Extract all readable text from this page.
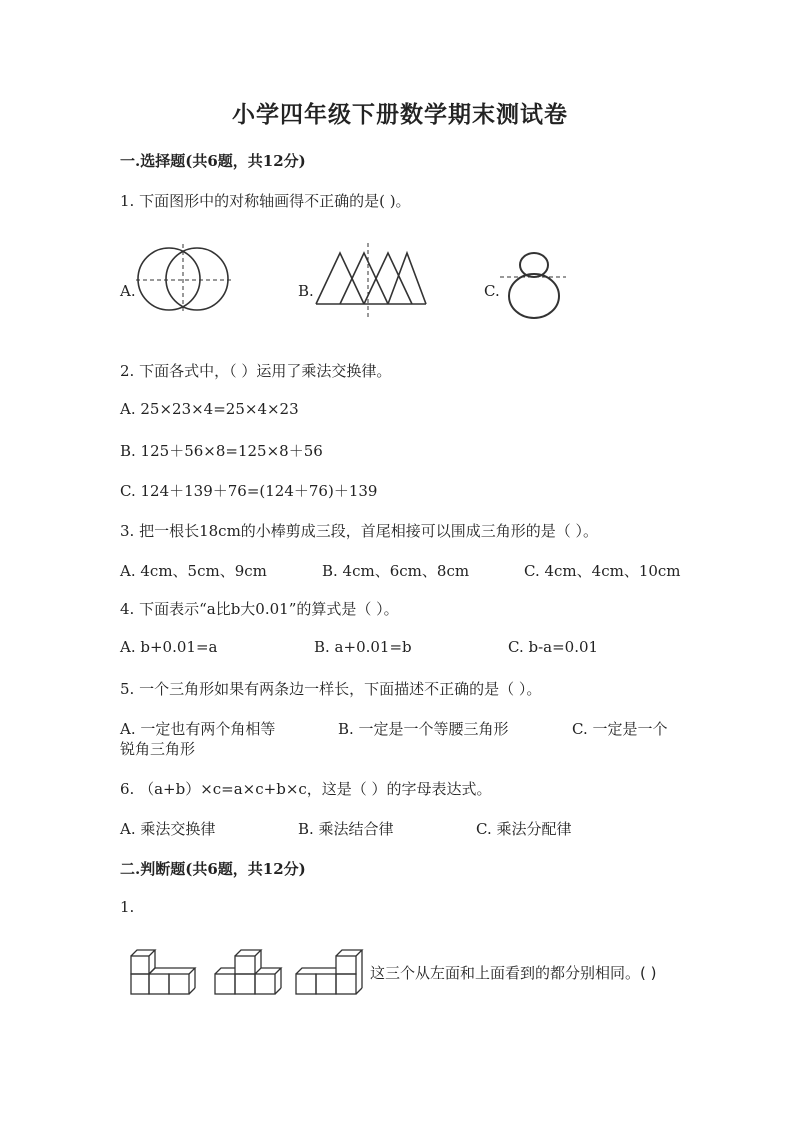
小学四年级下册数学期末测试卷
一.选择题(共6题，共12分)
1. 下面图形中的对称轴画得不正确的是( )。
A.	B.	C.
2. 下面各式中，（ ）运用了乘法交换律。
A. 25×23×4=25×4×23
B. 125＋56×8=125×8＋56
C. 124＋139＋76=(124＋76)＋139
3. 把一根长18cm的小棒剪成三段，首尾相接可以围成三角形的是（ ）。
A. 4cm、5cm、9cm	B. 4cm、6cm、8cm	C. 4cm、4cm、10cm
4. 下面表示“a比b大0.01”的算式是（ ）。
A. b+0.01=a	B. a+0.01=b	C. b-a=0.01
5. 一个三角形如果有两条边一样长，下面描述不正确的是（ ）。
A. 一定也有两个角相等	B. 一定是一个等腰三角形	C. 一定是一个
锐角三角形
6. （a+b）×c=a×c+b×c，这是（ ）的字母表达式。
A. 乘法交换律	B. 乘法结合律	C. 乘法分配律
二.判断题(共6题，共12分)
1.
这三个从左面和上面看到的都分别相同。( )
